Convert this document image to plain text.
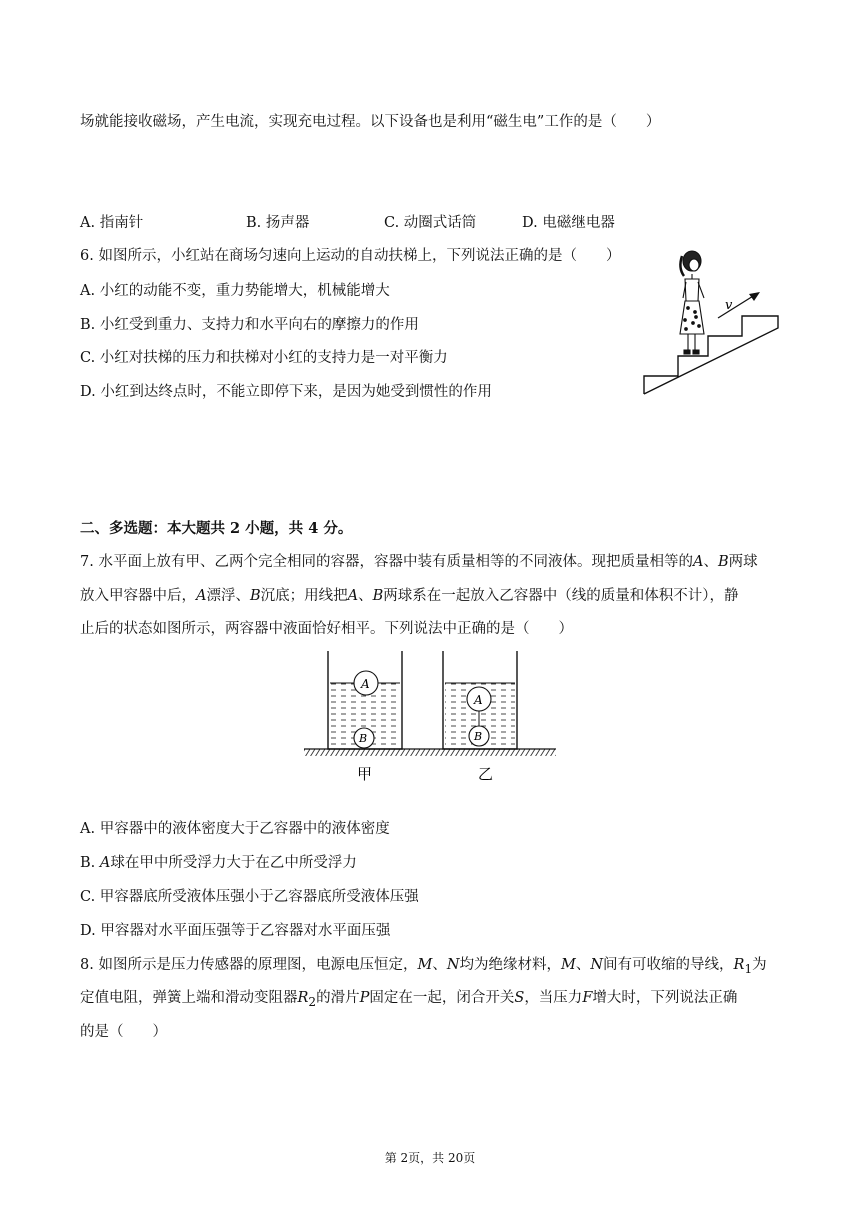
场就能接收磁场，产生电流，实现充电过程。以下设备也是利用“磁生电”工作的是（　　）
A. 指南针	B. 扬声器	C. 动圈式话筒	D. 电磁继电器
6. 如图所示，小红站在商场匀速向上运动的自动扶梯上，下列说法正确的是（　　）
A. 小红的动能不变，重力势能增大，机械能增大
B. 小红受到重力、支持力和水平向右的摩擦力的作用
C. 小红对扶梯的压力和扶梯对小红的支持力是一对平衡力
D. 小红到达终点时，不能立即停下来，是因为她受到惯性的作用
v
二、多选题：本大题共 2 小题，共 4 分。
7. 水平面上放有甲、乙两个完全相同的容器，容器中装有质量相等的不同液体。现把质量相等的A、B两球
放入甲容器中后，A漂浮、B沉底；用线把A、B两球系在一起放入乙容器中（线的质量和体积不计），静
止后的状态如图所示，两容器中液面恰好相平。下列说法中正确的是（　　）
A
B
A
B
甲	乙
A. 甲容器中的液体密度大于乙容器中的液体密度
B. A球在甲中所受浮力大于在乙中所受浮力
C. 甲容器底所受液体压强小于乙容器底所受液体压强
D. 甲容器对水平面压强等于乙容器对水平面压强
8. 如图所示是压力传感器的原理图，电源电压恒定，M、N均为绝缘材料，M、N间有可收缩的导线，$R_1$为
定值电阻，弹簧上端和滑动变阻器$R_2$的滑片P固定在一起，闭合开关S，当压力F增大时，下列说法正确
的是（　　）
第 2页，共 20页
